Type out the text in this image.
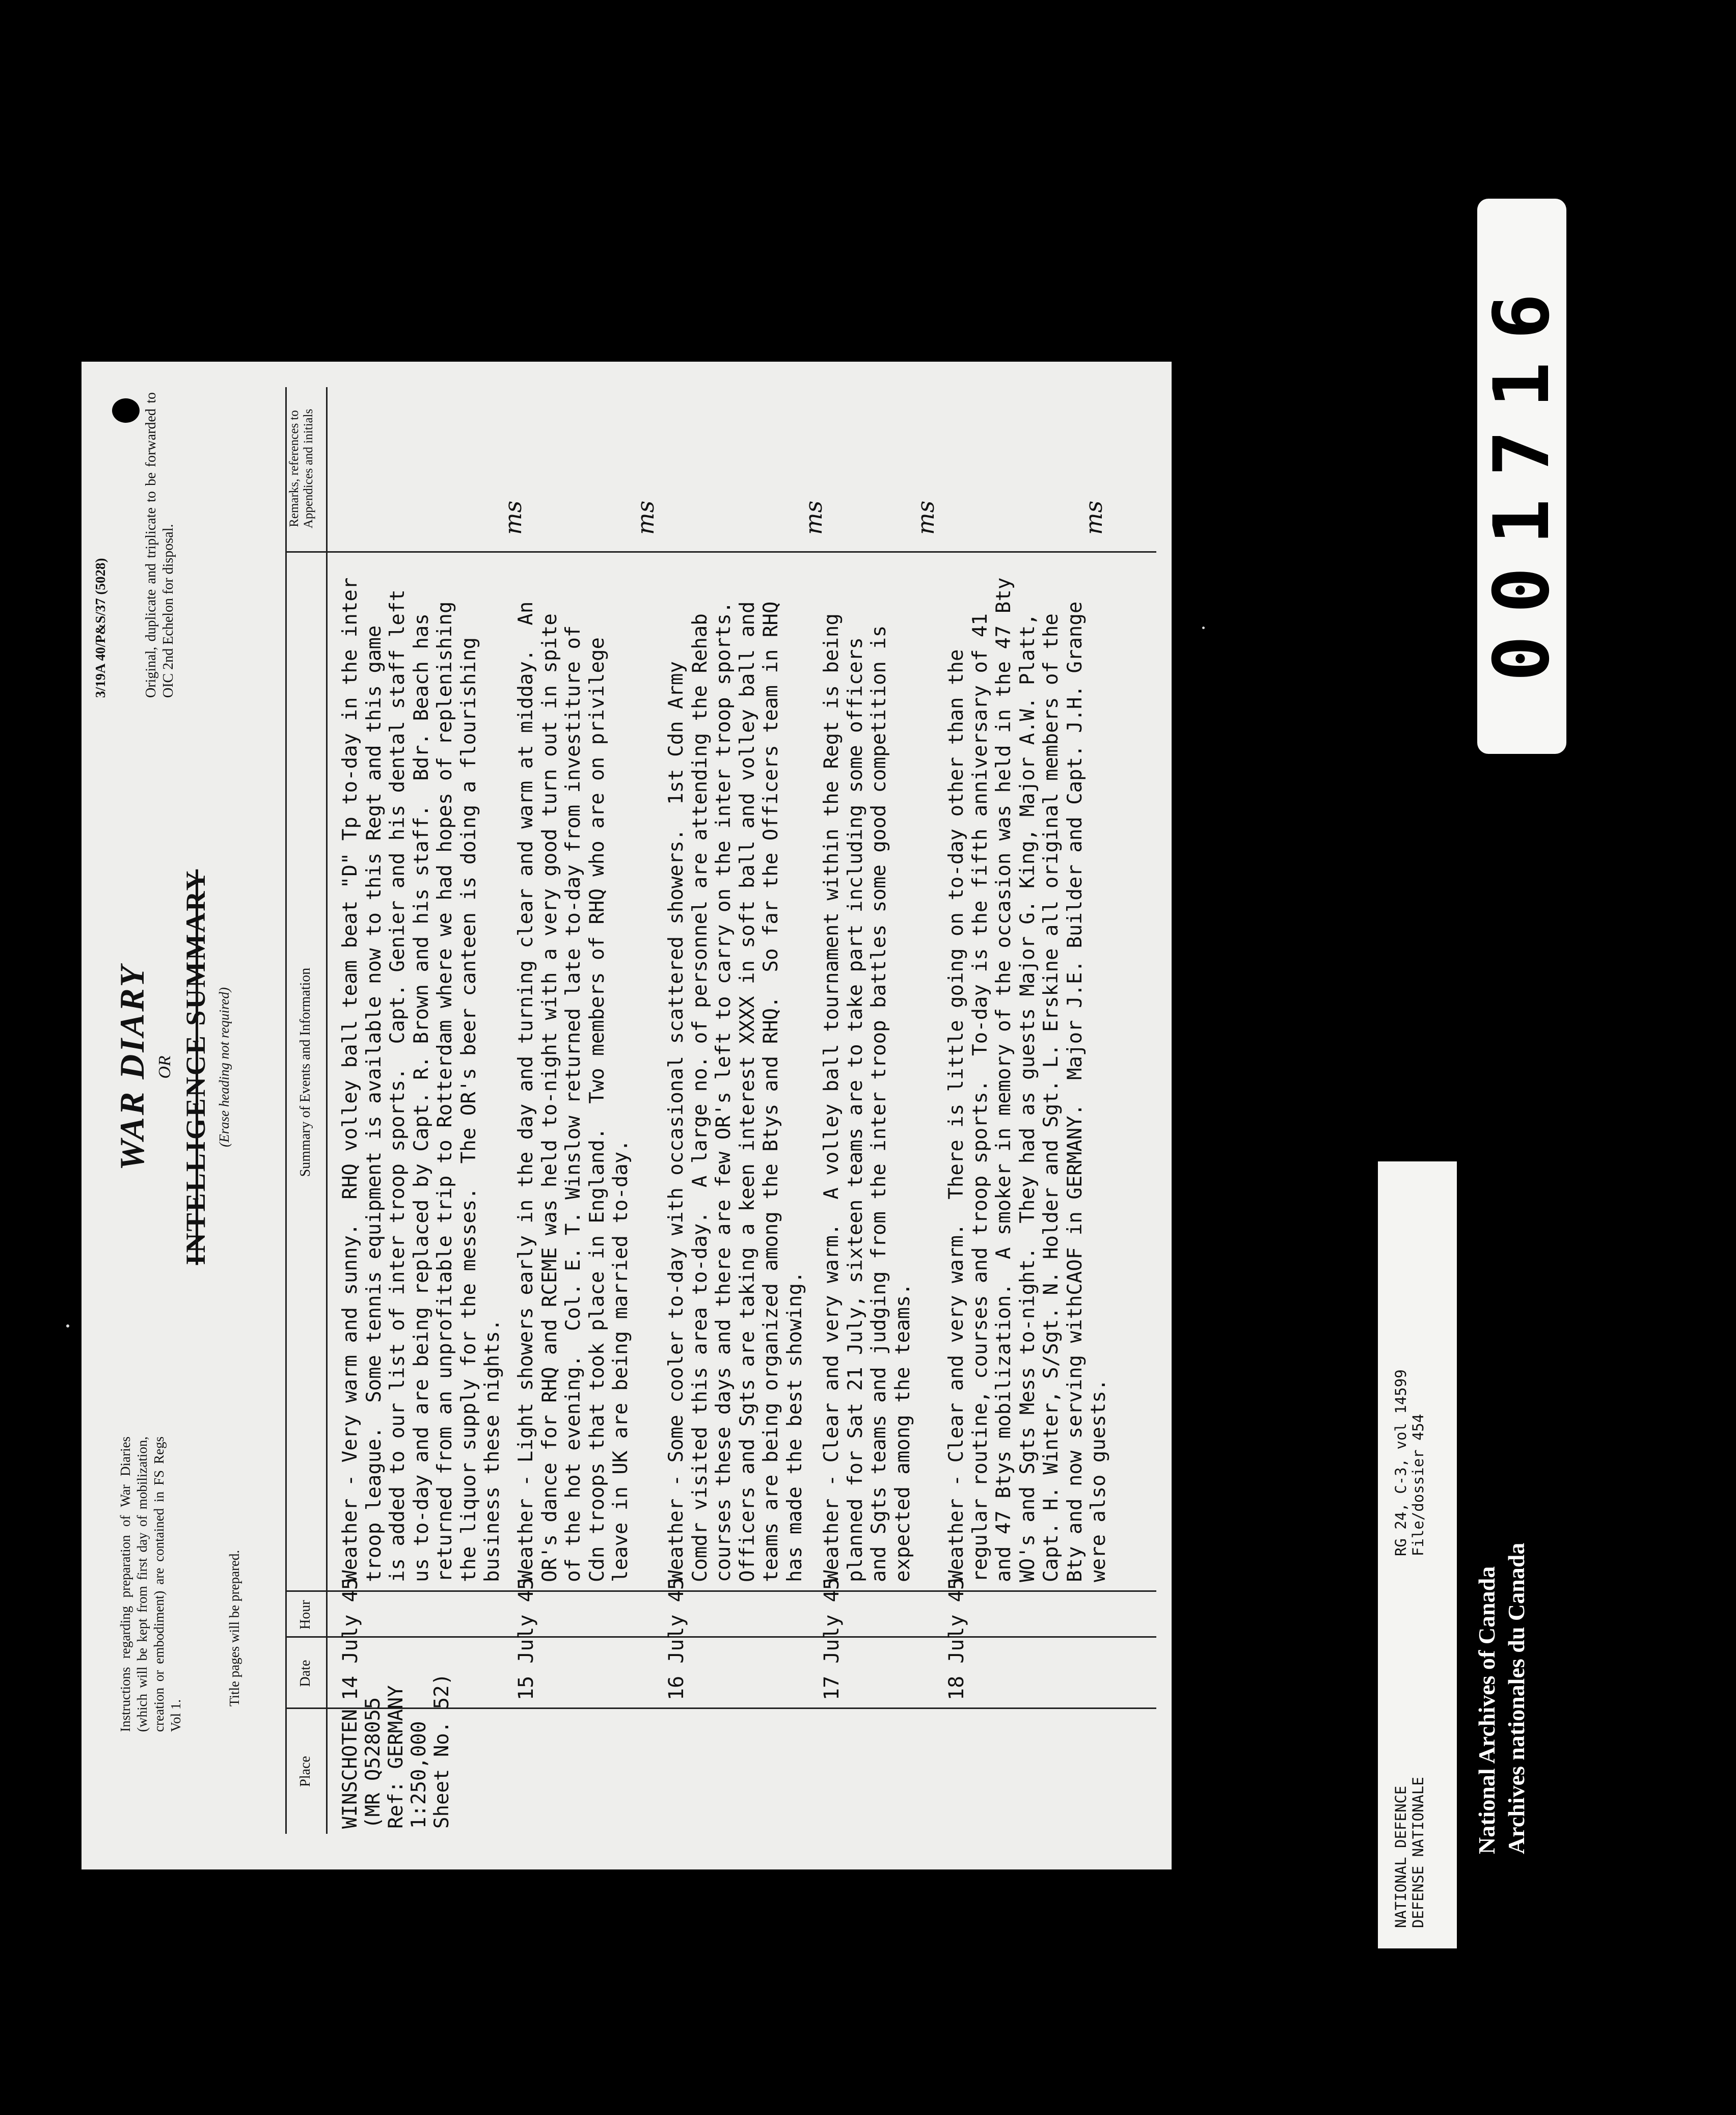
Instructions regarding preparation of War Diaries (which will be kept from first day of mobilization, creation or embodiment) are contained in FS Regs Vol 1.
Title pages will be prepared.
WAR DIARY OR INTELLIGENCE SUMMARY (Erase heading not required)
3/19A 40/P&S/37 (5028) Original, duplicate and triplicate to be forwarded to OIC 2nd Echelon for disposal.
Place
Date
Hour
Summary of Events and Information
Remarks, references to Appendices and initials
WINSCHOTEN (MR Q528055 Ref: GERMANY 1:250,000 Sheet No. 52)
14 July 45
Weather - Very warm and sunny.  RHQ volley ball team beat "D" Tp to-day in the inter troop league.  Some tennis equipment is available now to this Regt and this game is added to our list of inter troop sports.  Capt. Genier and his dental staff left us to-day and are being replaced by Capt. R. Brown and his staff.  Bdr. Beach has returned from an unprofitable trip to Rotterdam where we had hopes of replenishing the liquor supply for the messes.  The OR's beer canteen is doing a flourishing business these nights.
ms
15 July 45
Weather - Light showers early in the day and turning clear and warm at midday.  An OR's dance for RHQ and RCEME was held to-night with a very good turn out in spite of the hot evening.  Col. E. T. Winslow returned late to-day from investiture of Cdn troops that took place in England.  Two members of RHQ who are on privilege leave in UK are being married to-day.
ms
16 July 45
Weather - Some cooler to-day with occasional scattered showers.  1st Cdn Army Comdr visited this area to-day.  A large no. of personnel are attending the Rehab courses these days and there are few OR's left to carry on the inter troop sports. Officers and Sgts are taking a keen interest XXXX in soft ball and volley ball and teams are being organized among the Btys and RHQ.  So far the Officers team in RHQ has made the best showing.
ms
17 July 45
Weather - Clear and very warm.  A volley ball tournament within the Regt is being planned for Sat 21 July, sixteen teams are to take part including some officers and Sgts teams and judging from the inter troop battles some good competition is expected among the teams.
ms
18 July 45
Weather - Clear and very warm.  There is little going on to-day other than the regular routine, courses and troop sports.  To-day is the fifth anniversary of 41 and 47 Btys mobilization.  A smoker in memory of the occasion was held in the 47 Bty WO's and Sgts Mess to-night.  They had as guests Major G. King, Major A.W. Platt, Capt. H. Winter, S/Sgt. N. Holder and Sgt. L. Erskine all original members of the Bty and now serving withCAOF in GERMANY.  Major J.E. Builder and Capt. J.H. Grange were also guests.
ms
NATIONAL DEFENCE DEFENSE NATIONALE
RG 24, C-3, vol 14599 File/dossier 454
National Archives of Canada Archives nationales du Canada
001716
